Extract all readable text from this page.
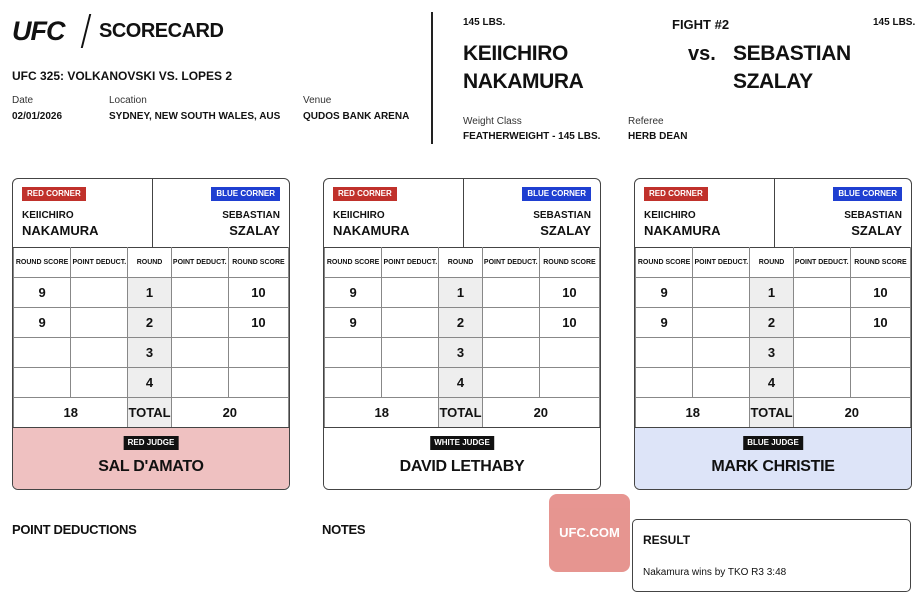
UFC SCORECARD
UFC 325: VOLKANOVSKI VS. LOPES 2
Date
02/01/2026
Location
SYDNEY, NEW SOUTH WALES, AUS
Venue
QUDOS BANK ARENA
145 LBS.
KEIICHIRO
NAKAMURA
FIGHT #2
vs.
145 LBS.
SEBASTIAN SZALAY
Weight Class
FEATHERWEIGHT - 145 LBS.
Referee
HERB DEAN
RED CORNER	BLUE CORNER
KEIICHIRO
NAKAMURA
SEBASTIAN
SZALAY
ROUND SCORE	POINT DEDUCT.	ROUND	POINT DEDUCT.	ROUND SCORE
9		1		10
9		2		10
		3		
		4		
18		TOTAL	20	
RED JUDGE
SAL D'AMATO
RED CORNER	BLUE CORNER
KEIICHIRO
NAKAMURA
SEBASTIAN
SZALAY
ROUND SCORE	POINT DEDUCT.	ROUND	POINT DEDUCT.	ROUND SCORE
9		1		10
9		2		10
		3		
		4		
18		TOTAL	20	
WHITE JUDGE
DAVID LETHABY
RED CORNER	BLUE CORNER
KEIICHIRO
NAKAMURA
SEBASTIAN
SZALAY
ROUND SCORE	POINT DEDUCT.	ROUND	POINT DEDUCT.	ROUND SCORE
9		1		10
9		2		10
		3		
		4		
18		TOTAL	20	
BLUE JUDGE
MARK CHRISTIE
POINT DEDUCTIONS	NOTES	UFC.COM	RESULT
Nakamura wins by TKO R3 3:48
